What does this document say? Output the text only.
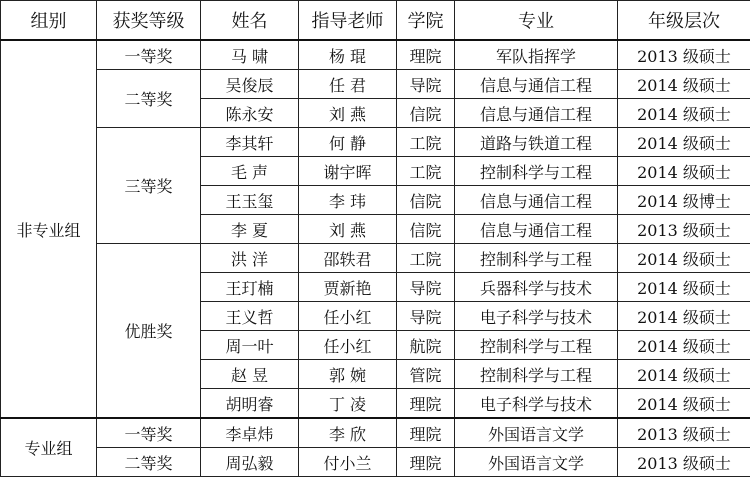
组别	获奖等级	姓名	指导老师	学院	专业	年级层次
非专业组	一等奖	马 啸	杨 琨	理院	军队指挥学	2013 级硕士
	二等奖	吴俊辰	任 君	导院	信息与通信工程	2014 级硕士
		陈永安	刘 燕	信院	信息与通信工程	2014 级硕士
	三等奖	李其轩	何 静	工院	道路与铁道工程	2014 级硕士
		毛 声	谢宇晖	工院	控制科学与工程	2014 级硕士
		王玉玺	李 玮	信院	信息与通信工程	2014 级博士
		李 夏	刘 燕	信院	信息与通信工程	2013 级硕士
	优胜奖	洪 洋	邵轶君	工院	控制科学与工程	2014 级硕士
		王玎楠	贾新艳	导院	兵器科学与技术	2014 级硕士
		王义哲	任小红	导院	电子科学与技术	2014 级硕士
		周一叶	任小红	航院	控制科学与工程	2014 级硕士
		赵 昱	郭 婉	管院	控制科学与工程	2014 级硕士
		胡明睿	丁 凌	理院	电子科学与技术	2014 级硕士
专业组	一等奖	李卓炜	李 欣	理院	外国语言文学	2013 级硕士
	二等奖	周弘毅	付小兰	理院	外国语言文学	2013 级硕士
